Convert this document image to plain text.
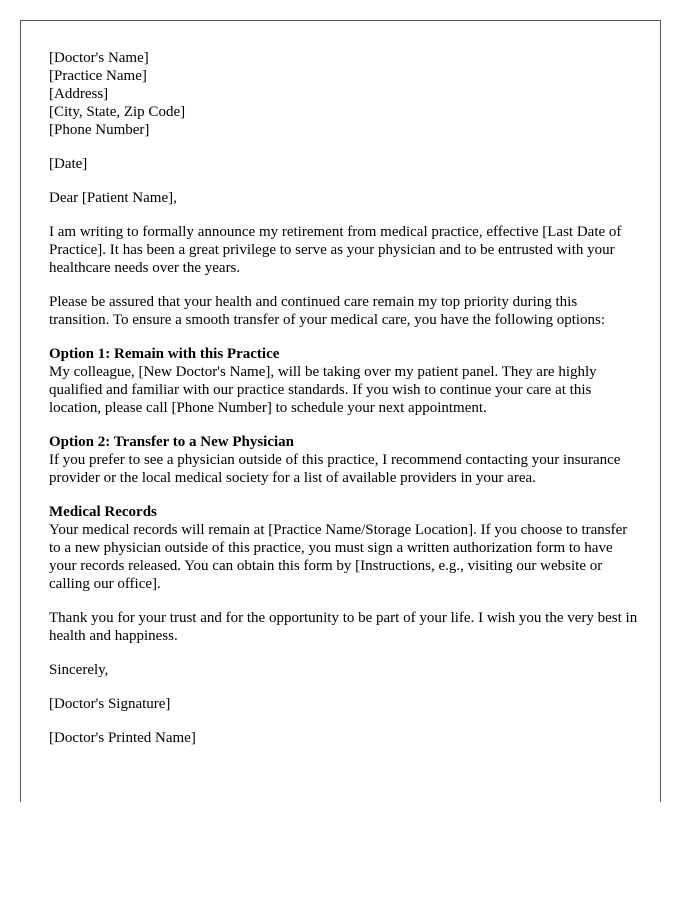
[Doctor's Name]
[Practice Name]
[Address]
[City, State, Zip Code]
[Phone Number]

[Date]

Dear [Patient Name],

I am writing to formally announce my retirement from medical practice, effective [Last Date of Practice]. It has been a great privilege to serve as your physician and to be entrusted with your healthcare needs over the years.

Please be assured that your health and continued care remain my top priority during this transition. To ensure a smooth transfer of your medical care, you have the following options:

Option 1: Remain with this Practice
My colleague, [New Doctor's Name], will be taking over my patient panel. They are highly qualified and familiar with our practice standards. If you wish to continue your care at this location, please call [Phone Number] to schedule your next appointment.
Option 2: Transfer to a New Physician
If you prefer to see a physician outside of this practice, I recommend contacting your insurance provider or the local medical society for a list of available providers in your area.
Medical Records
Your medical records will remain at [Practice Name/Storage Location]. If you choose to transfer to a new physician outside of this practice, you must sign a written authorization form to have your records released. You can obtain this form by [Instructions, e.g., visiting our website or calling our office].

Thank you for your trust and for the opportunity to be part of your life. I wish you the very best in health and happiness.

Sincerely,

[Doctor's Signature]

[Doctor's Printed Name]
